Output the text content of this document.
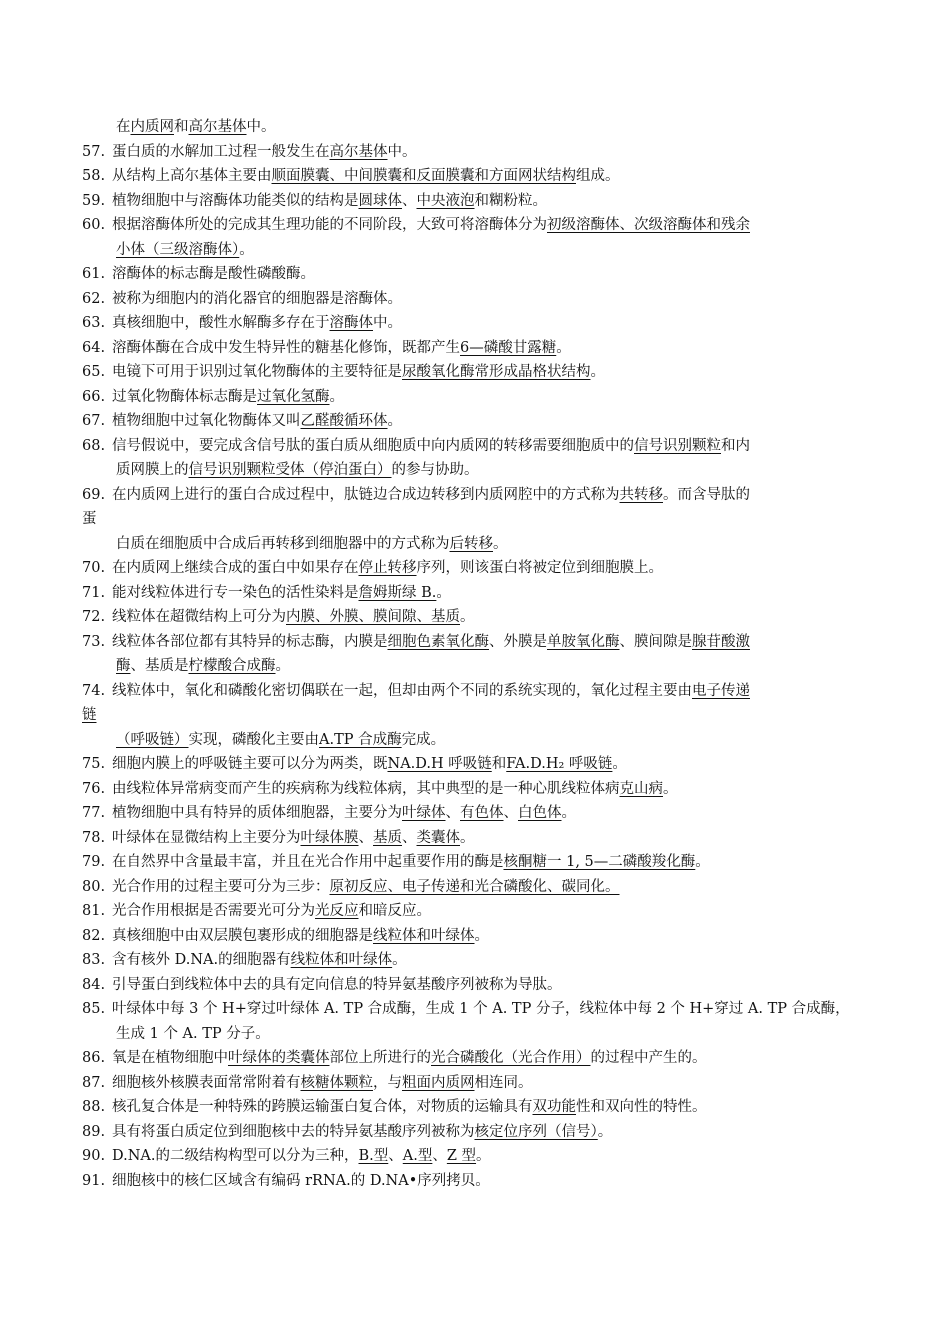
在内质网和高尔基体中。
57. 蛋白质的水解加工过程一般发生在高尔基体中。
58. 从结构上高尔基体主要由顺面膜囊、中间膜囊和反面膜囊和方面网状结构组成。
59. 植物细胞中与溶酶体功能类似的结构是圆球体、中央液泡和糊粉粒。
60. 根据溶酶体所处的完成其生理功能的不同阶段，大致可将溶酶体分为初级溶酶体、次级溶酶体和残余
小体（三级溶酶体）。
61. 溶酶体的标志酶是酸性磷酸酶。
62. 被称为细胞内的消化器官的细胞器是溶酶体。
63. 真核细胞中，酸性水解酶多存在于溶酶体中。
64. 溶酶体酶在合成中发生特异性的糖基化修饰，既都产生6—磷酸甘露糖。
65. 电镜下可用于识别过氧化物酶体的主要特征是尿酸氧化酶常形成晶格状结构。
66. 过氧化物酶体标志酶是过氧化氢酶。
67. 植物细胞中过氧化物酶体又叫乙醛酸循环体。
68. 信号假说中，要完成含信号肽的蛋白质从细胞质中向内质网的转移需要细胞质中的信号识别颗粒和内
质网膜上的信号识别颗粒受体（停泊蛋白）的参与协助。
69. 在内质网上进行的蛋白合成过程中，肽链边合成边转移到内质网腔中的方式称为共转移。而含导肽的
蛋
白质在细胞质中合成后再转移到细胞器中的方式称为后转移。
70. 在内质网上继续合成的蛋白中如果存在停止转移序列，则该蛋白将被定位到细胞膜上。
71. 能对线粒体进行专一染色的活性染料是詹姆斯绿 B.。
72. 线粒体在超微结构上可分为内膜、外膜、膜间隙、基质。
73. 线粒体各部位都有其特异的标志酶，内膜是细胞色素氧化酶、外膜是单胺氧化酶、膜间隙是腺苷酸激
酶、基质是柠檬酸合成酶。
74. 线粒体中，氧化和磷酸化密切偶联在一起，但却由两个不同的系统实现的，氧化过程主要由电子传递
链
（呼吸链）实现，磷酸化主要由A.TP 合成酶完成。
75. 细胞内膜上的呼吸链主要可以分为两类，既NA.D.H 呼吸链和FA.D.H₂ 呼吸链。
76. 由线粒体异常病变而产生的疾病称为线粒体病，其中典型的是一种心肌线粒体病克山病。
77. 植物细胞中具有特异的质体细胞器，主要分为叶绿体、有色体、白色体。
78. 叶绿体在显微结构上主要分为叶绿体膜、基质、类囊体。
79. 在自然界中含量最丰富，并且在光合作用中起重要作用的酶是核酮糖一 1, 5—二磷酸羧化酶。
80. 光合作用的过程主要可分为三步：原初反应、电子传递和光合磷酸化、碳同化。
81. 光合作用根据是否需要光可分为光反应和暗反应。
82. 真核细胞中由双层膜包裹形成的细胞器是线粒体和叶绿体。
83. 含有核外 D.NA.的细胞器有线粒体和叶绿体。
84. 引导蛋白到线粒体中去的具有定向信息的特异氨基酸序列被称为导肽。
85. 叶绿体中每 3 个 H+穿过叶绿体 A. TP 合成酶，生成 1 个 A. TP 分子，线粒体中每 2 个 H+穿过 A. TP 合成酶，
生成 1 个 A. TP 分子。
86. 氧是在植物细胞中叶绿体的类囊体部位上所进行的光合磷酸化（光合作用）的过程中产生的。
87. 细胞核外核膜表面常常附着有核糖体颗粒，与粗面内质网相连同。
88. 核孔复合体是一种特殊的跨膜运输蛋白复合体，对物质的运输具有双功能性和双向性的特性。
89. 具有将蛋白质定位到细胞核中去的特异氨基酸序列被称为核定位序列（信号）。
90. D.NA.的二级结构构型可以分为三种，B.型、A.型、Z 型。
91. 细胞核中的核仁区域含有编码 rRNA.的 D.NA•序列拷贝。
